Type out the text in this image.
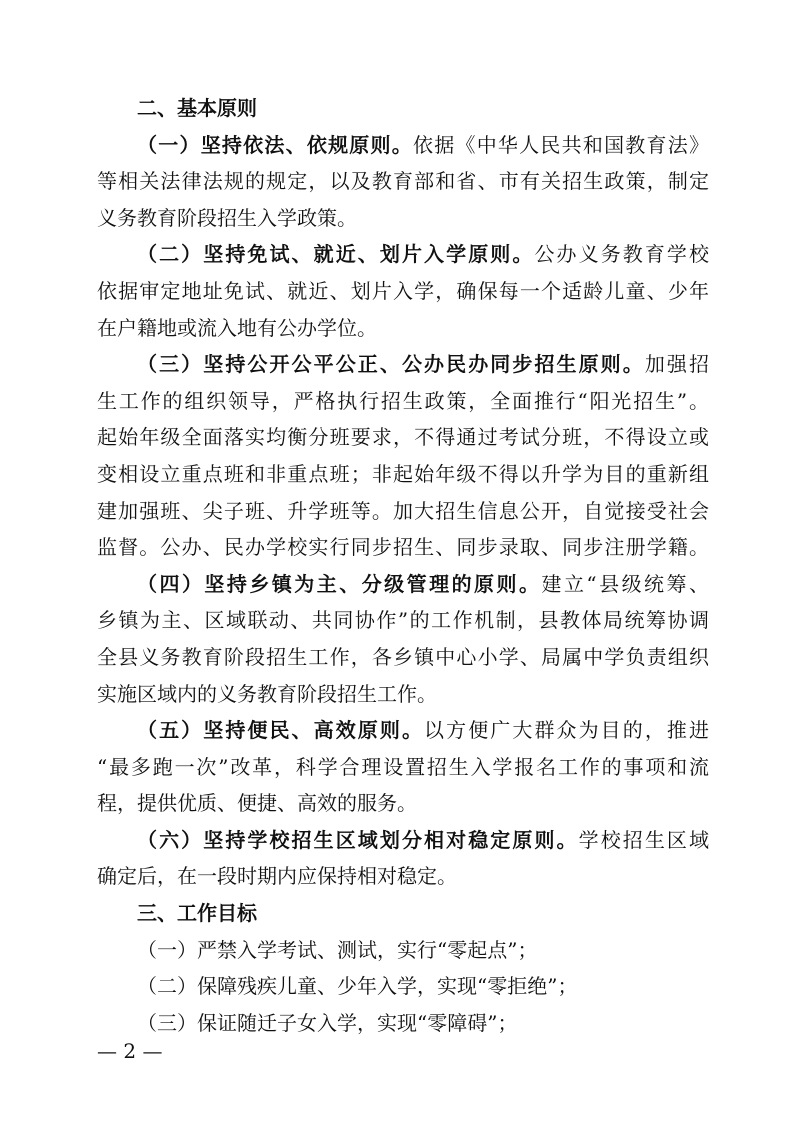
二、基本原则
（一）坚持依法、依规原则。依据《中华人民共和国教育法》
等相关法律法规的规定，以及教育部和省、市有关招生政策，制定
义务教育阶段招生入学政策。
（二）坚持免试、就近、划片入学原则。公办义务教育学校
依据审定地址免试、就近、划片入学，确保每一个适龄儿童、少年
在户籍地或流入地有公办学位。
（三）坚持公开公平公正、公办民办同步招生原则。加强招
生工作的组织领导，严格执行招生政策，全面推行“阳光招生”。
起始年级全面落实均衡分班要求，不得通过考试分班，不得设立或
变相设立重点班和非重点班；非起始年级不得以升学为目的重新组
建加强班、尖子班、升学班等。加大招生信息公开，自觉接受社会
监督。公办、民办学校实行同步招生、同步录取、同步注册学籍。
（四）坚持乡镇为主、分级管理的原则。建立“县级统筹、
乡镇为主、区域联动、共同协作”的工作机制，县教体局统筹协调
全县义务教育阶段招生工作，各乡镇中心小学、局属中学负责组织
实施区域内的义务教育阶段招生工作。
（五）坚持便民、高效原则。以方便广大群众为目的，推进
“最多跑一次”改革，科学合理设置招生入学报名工作的事项和流
程，提供优质、便捷、高效的服务。
（六）坚持学校招生区域划分相对稳定原则。学校招生区域
确定后，在一段时期内应保持相对稳定。
三、工作目标
（一）严禁入学考试、测试，实行“零起点”；
（二）保障残疾儿童、少年入学，实现“零拒绝”；
（三）保证随迁子女入学，实现“零障碍”；
— 2 —
